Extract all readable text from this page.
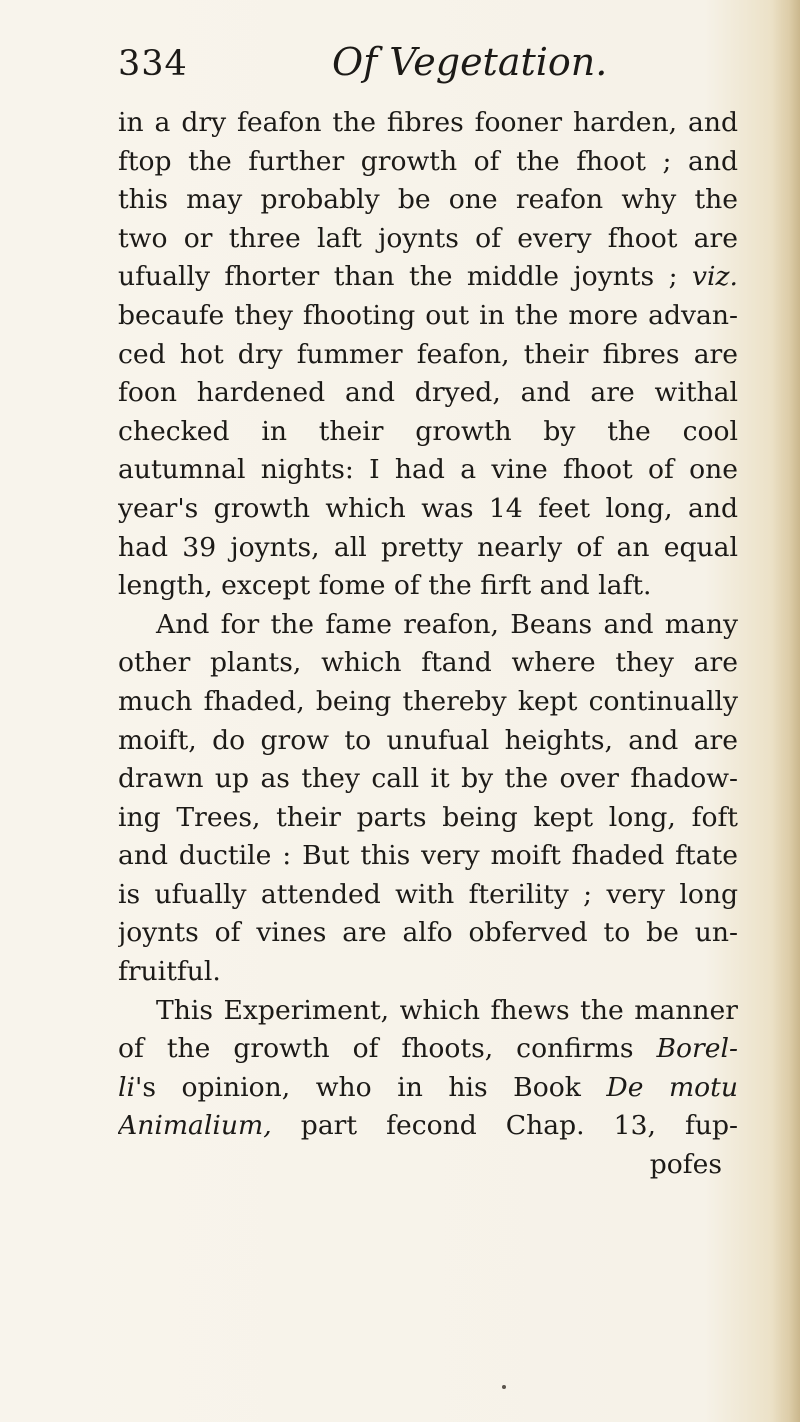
334	Of Vegetation.
in a dry feafon the fibres fooner harden, and
ftop the further growth of the fhoot ; and
this may probably be one reafon why the
two or three laft joynts of every fhoot are
ufually fhorter than the middle joynts ; viz.
becaufe they fhooting out in the more advan-
ced hot dry fummer feafon, their fibres are
foon hardened and dryed, and are withal
checked in their growth by the cool
autumnal nights: I had a vine fhoot of one
year's growth which was 14 feet long, and
had 39 joynts, all pretty nearly of an equal
length, except fome of the firft and laft.
And for the fame reafon, Beans and many
other plants, which ftand where they are
much fhaded, being thereby kept continually
moift, do grow to unufual heights, and are
drawn up as they call it by the over fhadow-
ing Trees, their parts being kept long, foft
and ductile : But this very moift fhaded ftate
is ufually attended with fterility ; very long
joynts of vines are alfo obferved to be un-
fruitful.
This Experiment, which fhews the manner
of the growth of fhoots, confirms Borel-
li's opinion, who in his Book De motu
Animalium, part fecond Chap. 13, fup-
pofes
